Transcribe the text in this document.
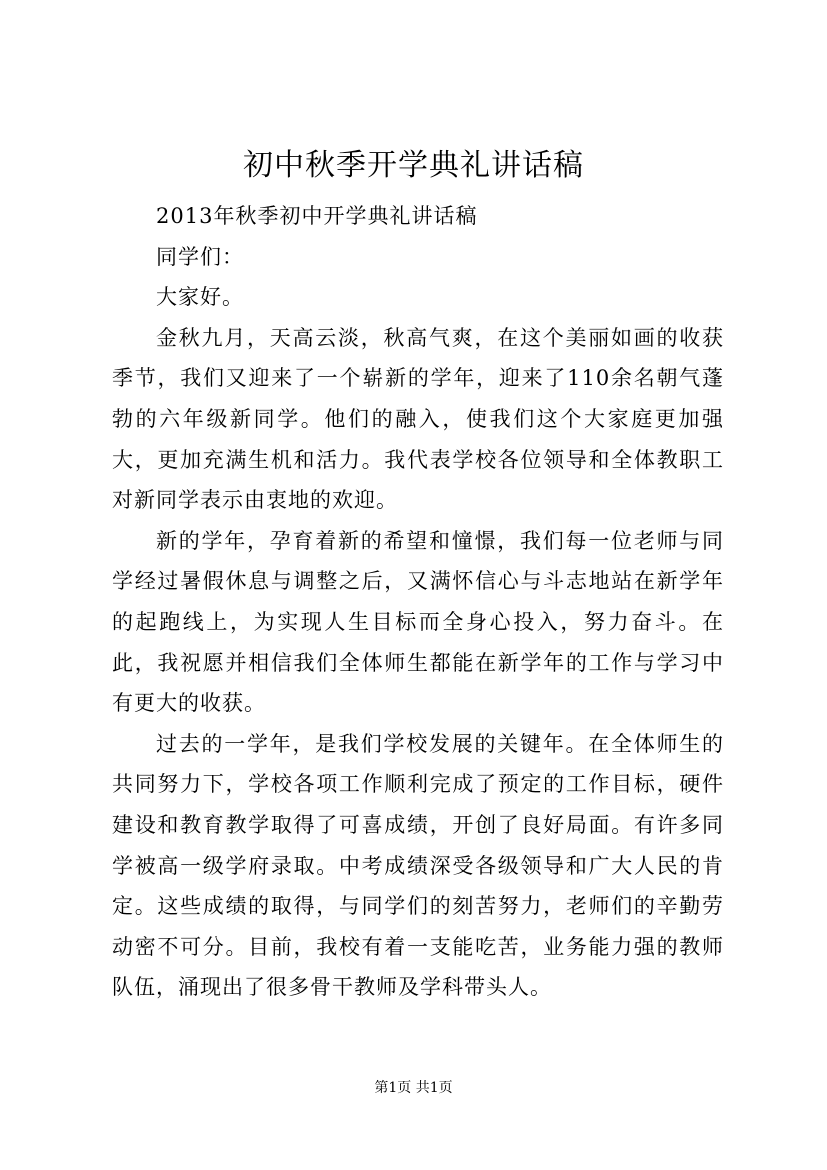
初中秋季开学典礼讲话稿

2013年秋季初中开学典礼讲话稿

同学们：

大家好。

金秋九月，天高云淡，秋高气爽，在这个美丽如画的收获季节，我们又迎来了一个崭新的学年，迎来了110余名朝气蓬勃的六年级新同学。他们的融入，使我们这个大家庭更加强大，更加充满生机和活力。我代表学校各位领导和全体教职工对新同学表示由衷地的欢迎。

新的学年，孕育着新的希望和憧憬，我们每一位老师与同学经过暑假休息与调整之后，又满怀信心与斗志地站在新学年的起跑线上，为实现人生目标而全身心投入，努力奋斗。在此，我祝愿并相信我们全体师生都能在新学年的工作与学习中有更大的收获。

过去的一学年，是我们学校发展的关键年。在全体师生的共同努力下，学校各项工作顺利完成了预定的工作目标，硬件建设和教育教学取得了可喜成绩，开创了良好局面。有许多同学被高一级学府录取。中考成绩深受各级领导和广大人民的肯定。这些成绩的取得，与同学们的刻苦努力，老师们的辛勤劳动密不可分。目前，我校有着一支能吃苦，业务能力强的教师队伍，涌现出了很多骨干教师及学科带头人。

第1页 共1页
